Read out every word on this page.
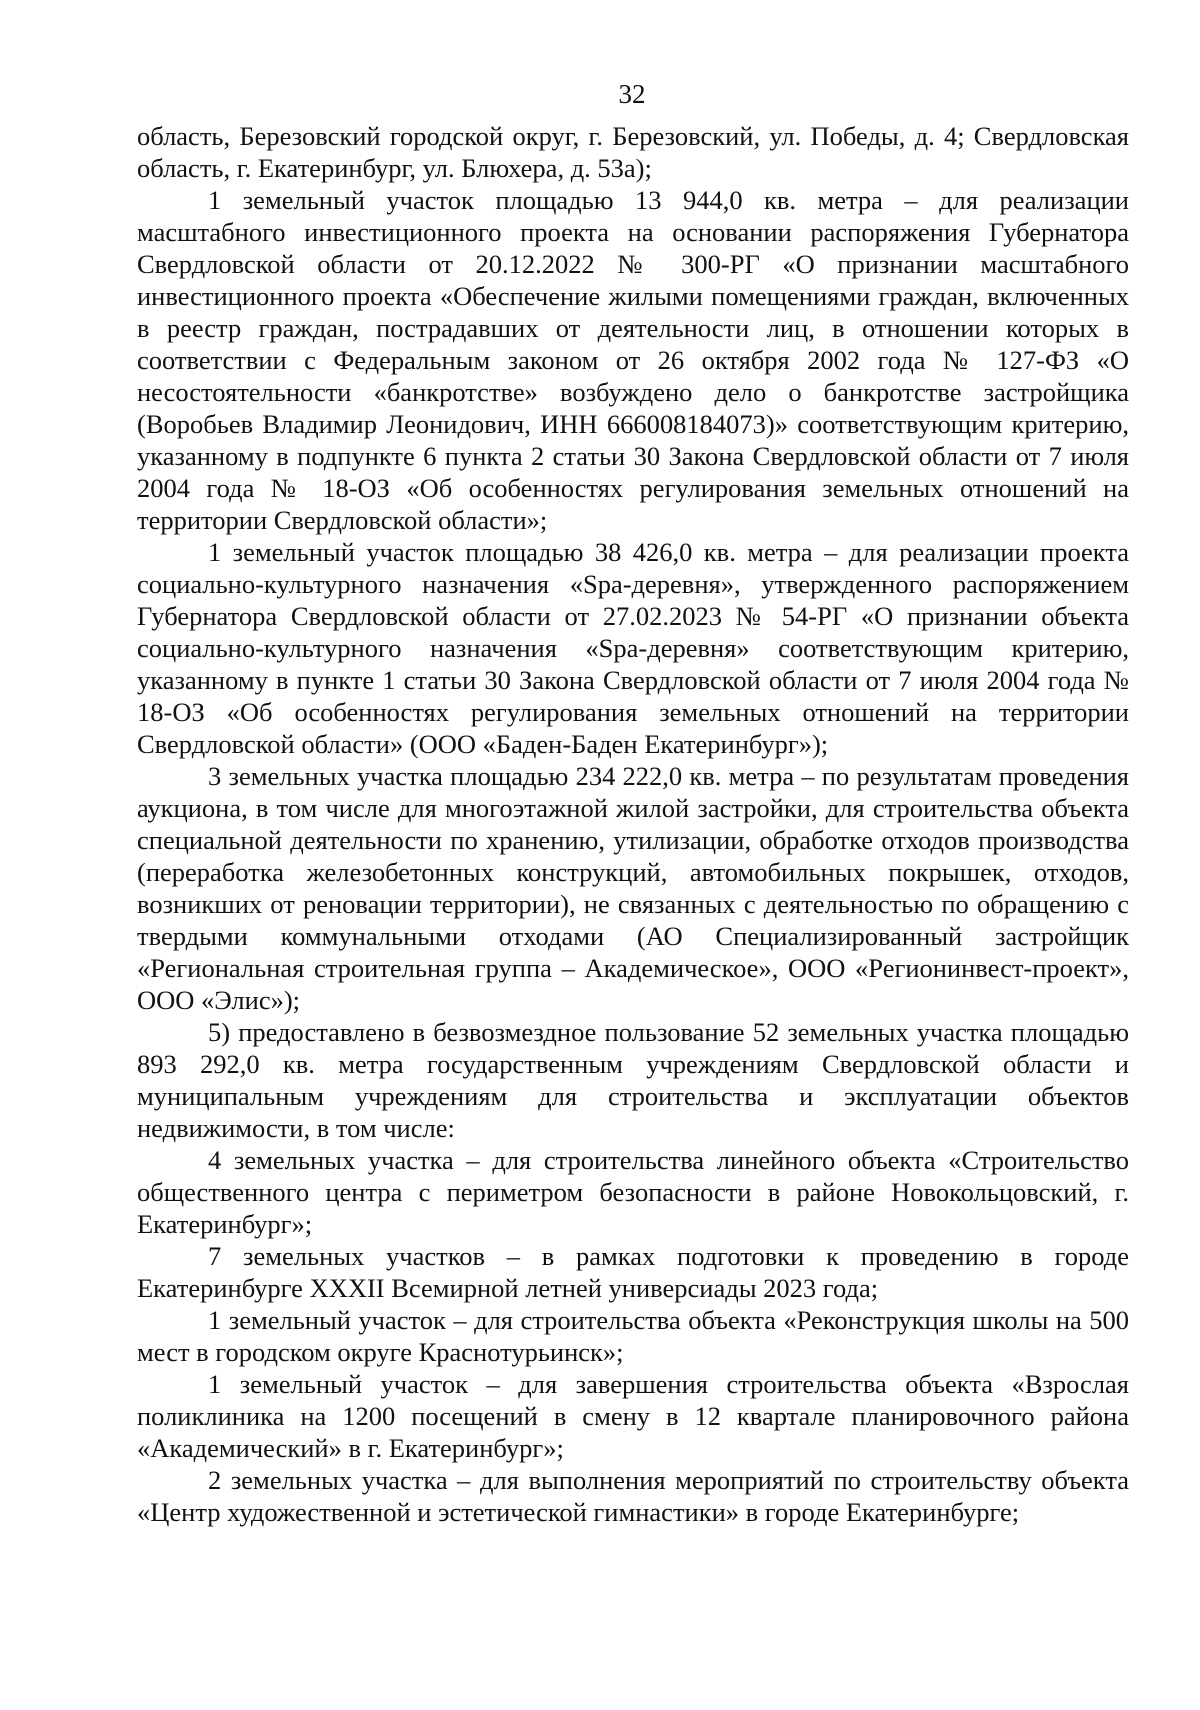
32

область, Березовский городской округ, г. Березовский, ул. Победы, д. 4; Свердловская область, г. Екатеринбург, ул. Блюхера, д. 53а);

1 земельный участок площадью 13 944,0 кв. метра – для реализации масштабного инвестиционного проекта на основании распоряжения Губернатора Свердловской области от 20.12.2022 № 300-РГ «О признании масштабного инвестиционного проекта «Обеспечение жилыми помещениями граждан, включенных в реестр граждан, пострадавших от деятельности лиц, в отношении которых в соответствии с Федеральным законом от 26 октября 2002 года № 127-ФЗ «О несостоятельности «банкротстве» возбуждено дело о банкротстве застройщика (Воробьев Владимир Леонидович, ИНН 666008184073)» соответствующим критерию, указанному в подпункте 6 пункта 2 статьи 30 Закона Свердловской области от 7 июля 2004 года № 18-ОЗ «Об особенностях регулирования земельных отношений на территории Свердловской области»;

1 земельный участок площадью 38 426,0 кв. метра – для реализации проекта социально-культурного назначения «Spa-деревня», утвержденного распоряжением Губернатора Свердловской области от 27.02.2023 № 54-РГ «О признании объекта социально-культурного назначения «Spa-деревня» соответствующим критерию, указанному в пункте 1 статьи 30 Закона Свердловской области от 7 июля 2004 года № 18-ОЗ «Об особенностях регулирования земельных отношений на территории Свердловской области» (ООО «Баден-Баден Екатеринбург»);

3 земельных участка площадью 234 222,0 кв. метра – по результатам проведения аукциона, в том числе для многоэтажной жилой застройки, для строительства объекта специальной деятельности по хранению, утилизации, обработке отходов производства (переработка железобетонных конструкций, автомобильных покрышек, отходов, возникших от реновации территории), не связанных с деятельностью по обращению с твердыми коммунальными отходами (АО Специализированный застройщик «Региональная строительная группа – Академическое», ООО «Регионинвест-проект», ООО «Элис»);

5) предоставлено в безвозмездное пользование 52 земельных участка площадью 893 292,0 кв. метра государственным учреждениям Свердловской области и муниципальным учреждениям для строительства и эксплуатации объектов недвижимости, в том числе:

4 земельных участка – для строительства линейного объекта «Строительство общественного центра с периметром безопасности в районе Новокольцовский, г. Екатеринбург»;

7 земельных участков – в рамках подготовки к проведению в городе Екатеринбурге XXXII Всемирной летней универсиады 2023 года;

1 земельный участок – для строительства объекта «Реконструкция школы на 500 мест в городском округе Краснотурьинск»;

1 земельный участок – для завершения строительства объекта «Взрослая поликлиника на 1200 посещений в смену в 12 квартале планировочного района «Академический» в г. Екатеринбург»;

2 земельных участка – для выполнения мероприятий по строительству объекта «Центр художественной и эстетической гимнастики» в городе Екатеринбурге;
